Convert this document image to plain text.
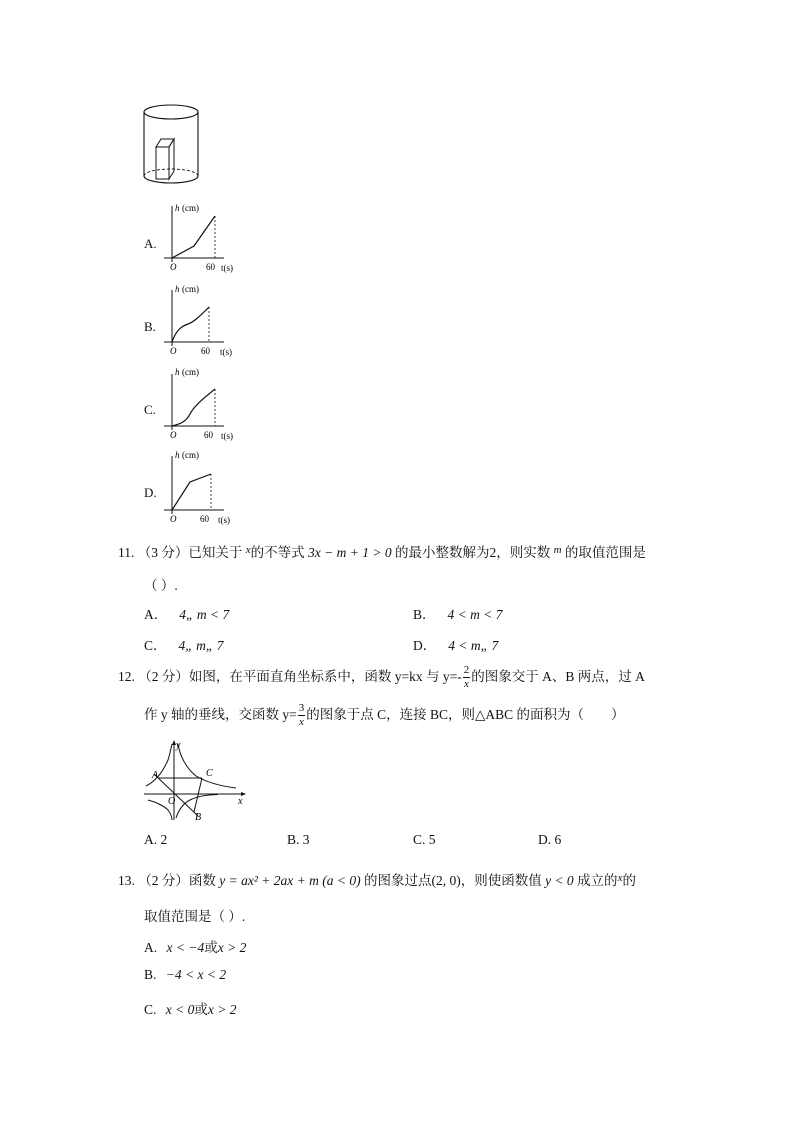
A.
h (cm)
O	60 t(s)
B.
h (cm)
O	60 t(s)
C.
h (cm)
O	60 t(s)
D.
h (cm)
O	60 t(s)
11. （3 分）已知关于 $^x$的不等式 3x − m + 1 > 0 的最小整数解为2，则实数 $^m$ 的取值范围是
（ ）.
A． 4„ m < 7	B． 4 < m < 7
C． 4„ m„ 7	D． 4 < m„ 7
12. （2 分）如图，在平面直角坐标系中，函数 y=kx 与 $y=- \frac{2}{x}$ 的图象交于 A、B 两点，过 A
作 y 轴的垂线，交函数 $y= \frac{3}{x}$ 的图象于点 C，连接 BC，则△ABC 的面积为（　　）
y
x
O
A
B
C
A. 2	B. 3	C. 5	D. 6
13. （2 分）函数 y = ax² + 2ax + m (a < 0) 的图象过点(2, 0)，则使函数值 y < 0 成立的$^x$的
取值范围是（ ）.
A. x < −4或x > 2
B. −4 < x < 2
C. x < 0或x > 2
